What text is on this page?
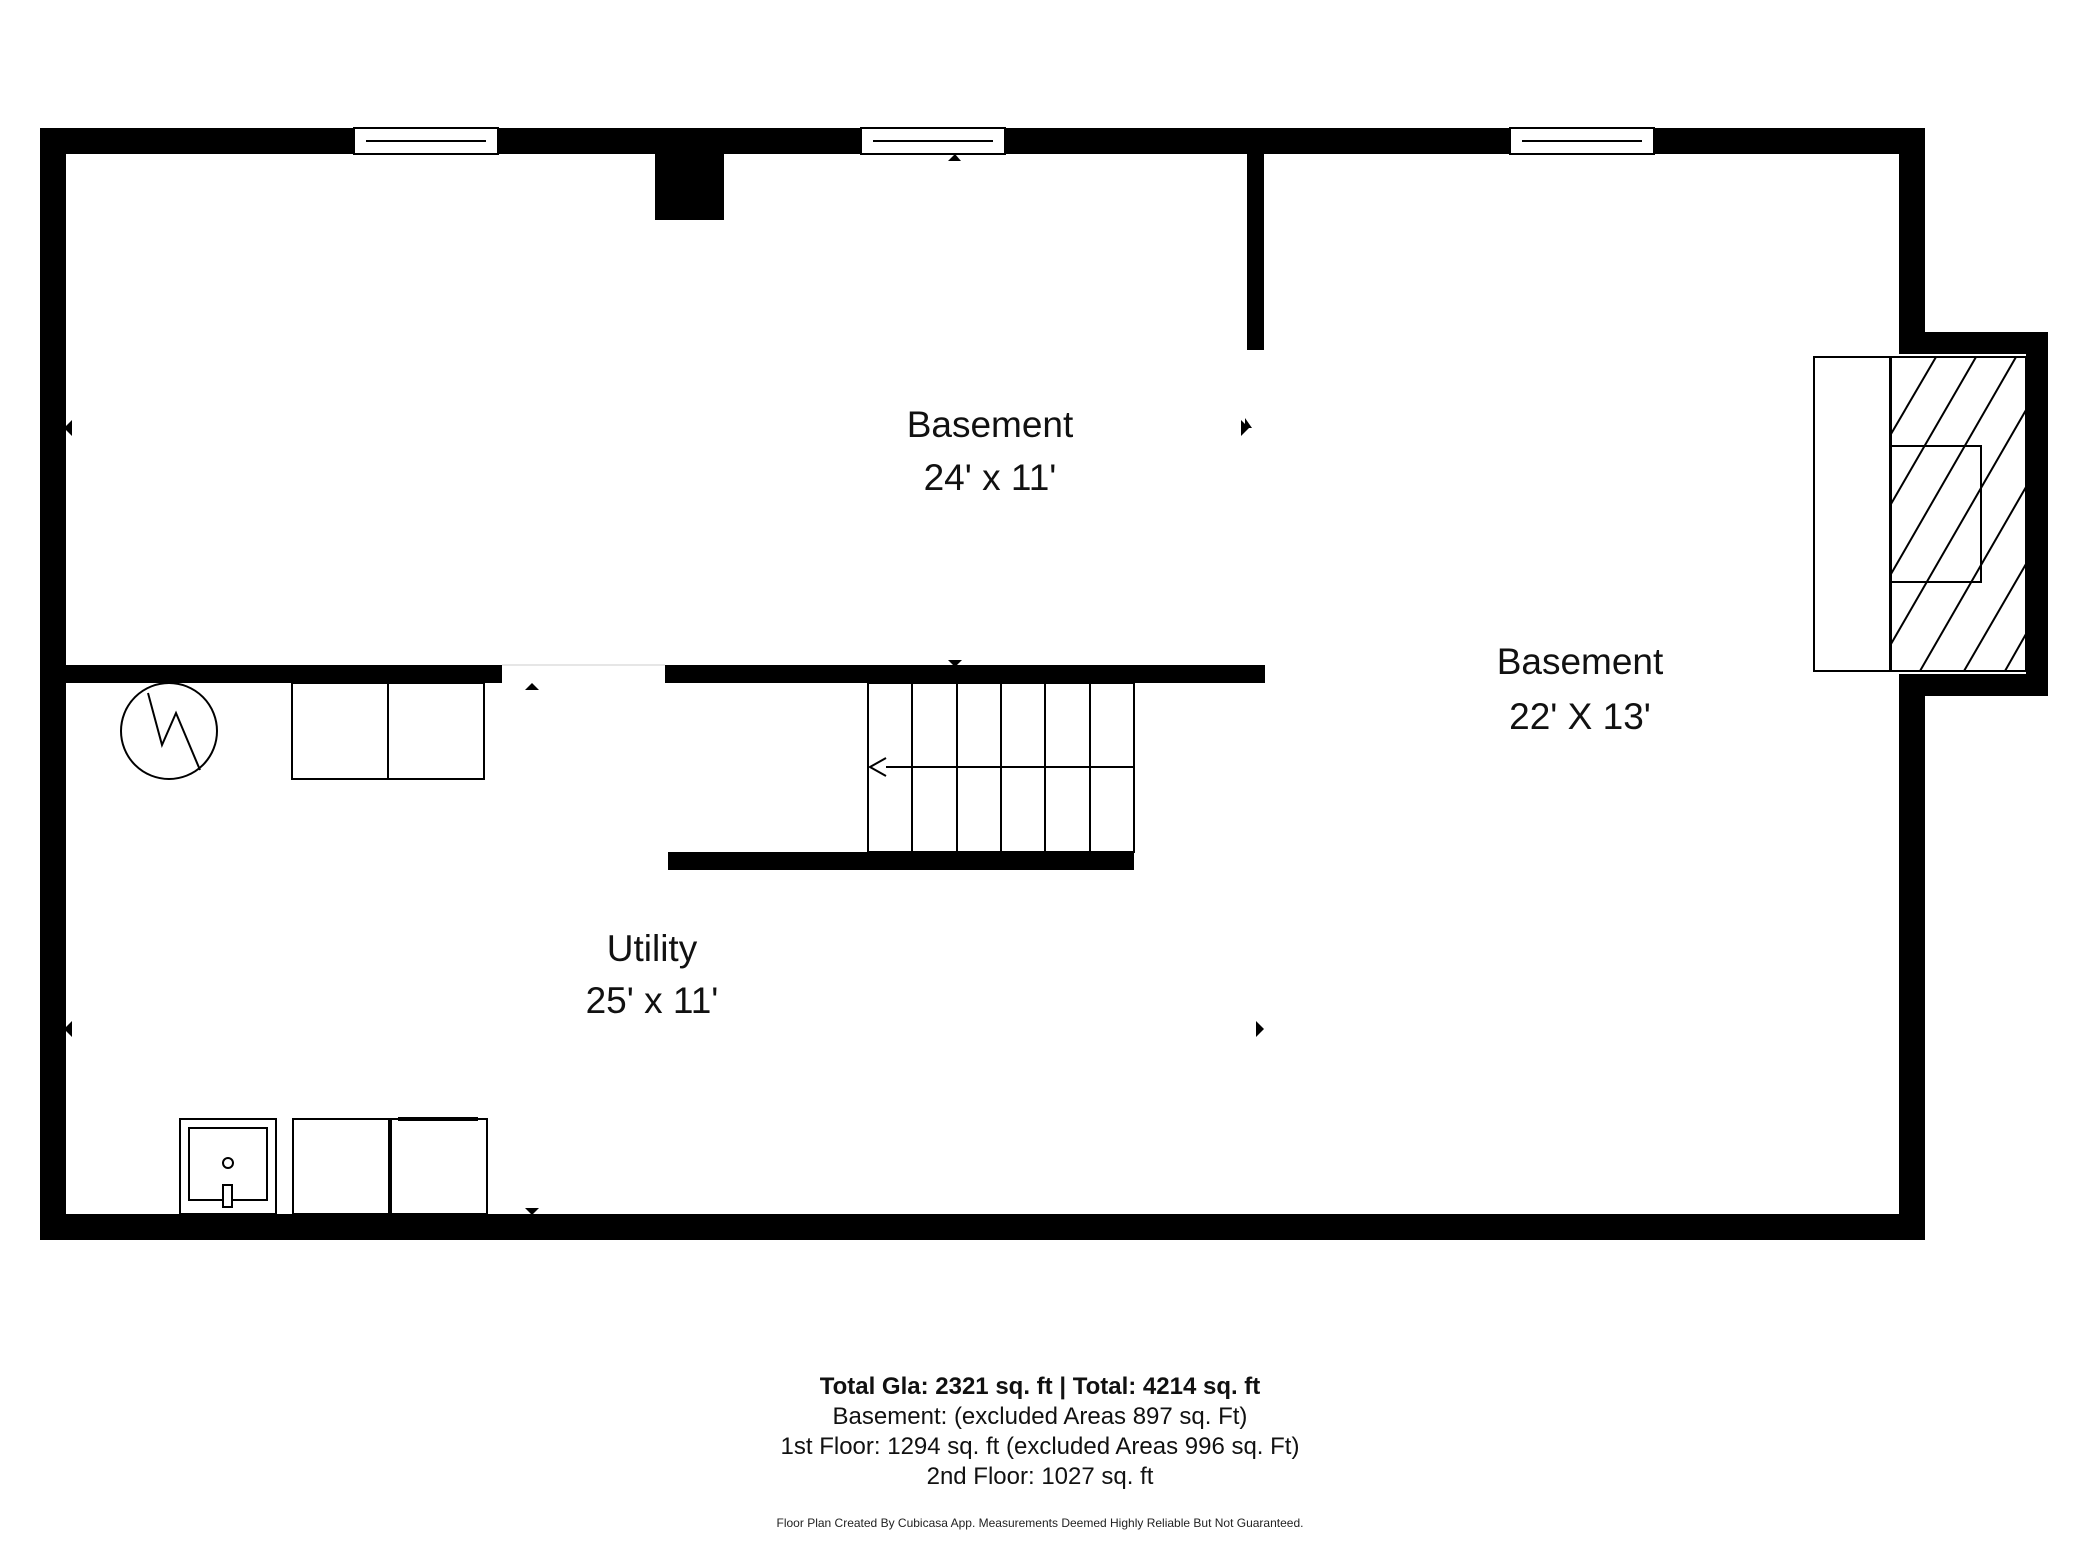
Basement
24' x 11'
Basement
22' X 13'
Utility
25' x 11'
Total Gla: 2321 sq. ft | Total: 4214 sq. ft
Basement: (excluded Areas 897 sq. Ft)
1st Floor: 1294 sq. ft (excluded Areas 996 sq. Ft)
2nd Floor: 1027 sq. ft
Floor Plan Created By Cubicasa App. Measurements Deemed Highly Reliable But Not Guaranteed.
